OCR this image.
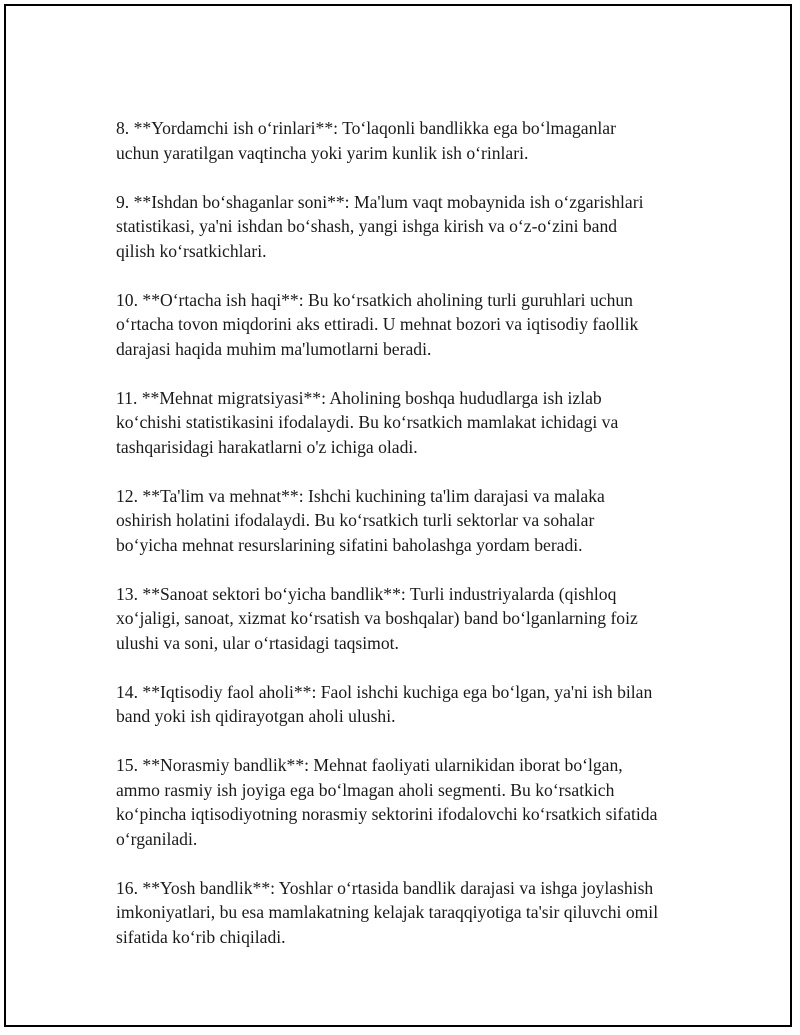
8. **Yordamchi ish oʻrinlari**: Toʻlaqonli bandlikka ega boʻlmaganlar
uchun yaratilgan vaqtincha yoki yarim kunlik ish oʻrinlari.

9. **Ishdan boʻshaganlar soni**: Ma'lum vaqt mobaynida ish oʻzgarishlari
statistikasi, ya'ni ishdan boʻshash, yangi ishga kirish va oʻz-oʻzini band
qilish koʻrsatkichlari.

10. **Oʻrtacha ish haqi**: Bu koʻrsatkich aholining turli guruhlari uchun
oʻrtacha tovon miqdorini aks ettiradi. U mehnat bozori va iqtisodiy faollik
darajasi haqida muhim ma'lumotlarni beradi.

11. **Mehnat migratsiyasi**: Aholining boshqa hududlarga ish izlab
koʻchishi statistikasini ifodalaydi. Bu koʻrsatkich mamlakat ichidagi va
tashqarisidagi harakatlarni o'z ichiga oladi.

12. **Ta'lim va mehnat**: Ishchi kuchining ta'lim darajasi va malaka
oshirish holatini ifodalaydi. Bu koʻrsatkich turli sektorlar va sohalar
boʻyicha mehnat resurslarining sifatini baholashga yordam beradi.

13. **Sanoat sektori boʻyicha bandlik**: Turli industriyalarda (qishloq
xoʻjaligi, sanoat, xizmat koʻrsatish va boshqalar) band boʻlganlarning foiz
ulushi va soni, ular oʻrtasidagi taqsimot.

14. **Iqtisodiy faol aholi**: Faol ishchi kuchiga ega boʻlgan, ya'ni ish bilan
band yoki ish qidirayotgan aholi ulushi.

15. **Norasmiy bandlik**: Mehnat faoliyati ularnikidan iborat boʻlgan,
ammo rasmiy ish joyiga ega boʻlmagan aholi segmenti. Bu koʻrsatkich
koʻpincha iqtisodiyotning norasmiy sektorini ifodalovchi koʻrsatkich sifatida
oʻrganiladi.

16. **Yosh bandlik**: Yoshlar oʻrtasida bandlik darajasi va ishga joylashish
imkoniyatlari, bu esa mamlakatning kelajak taraqqiyotiga ta'sir qiluvchi omil
sifatida koʻrib chiqiladi.
